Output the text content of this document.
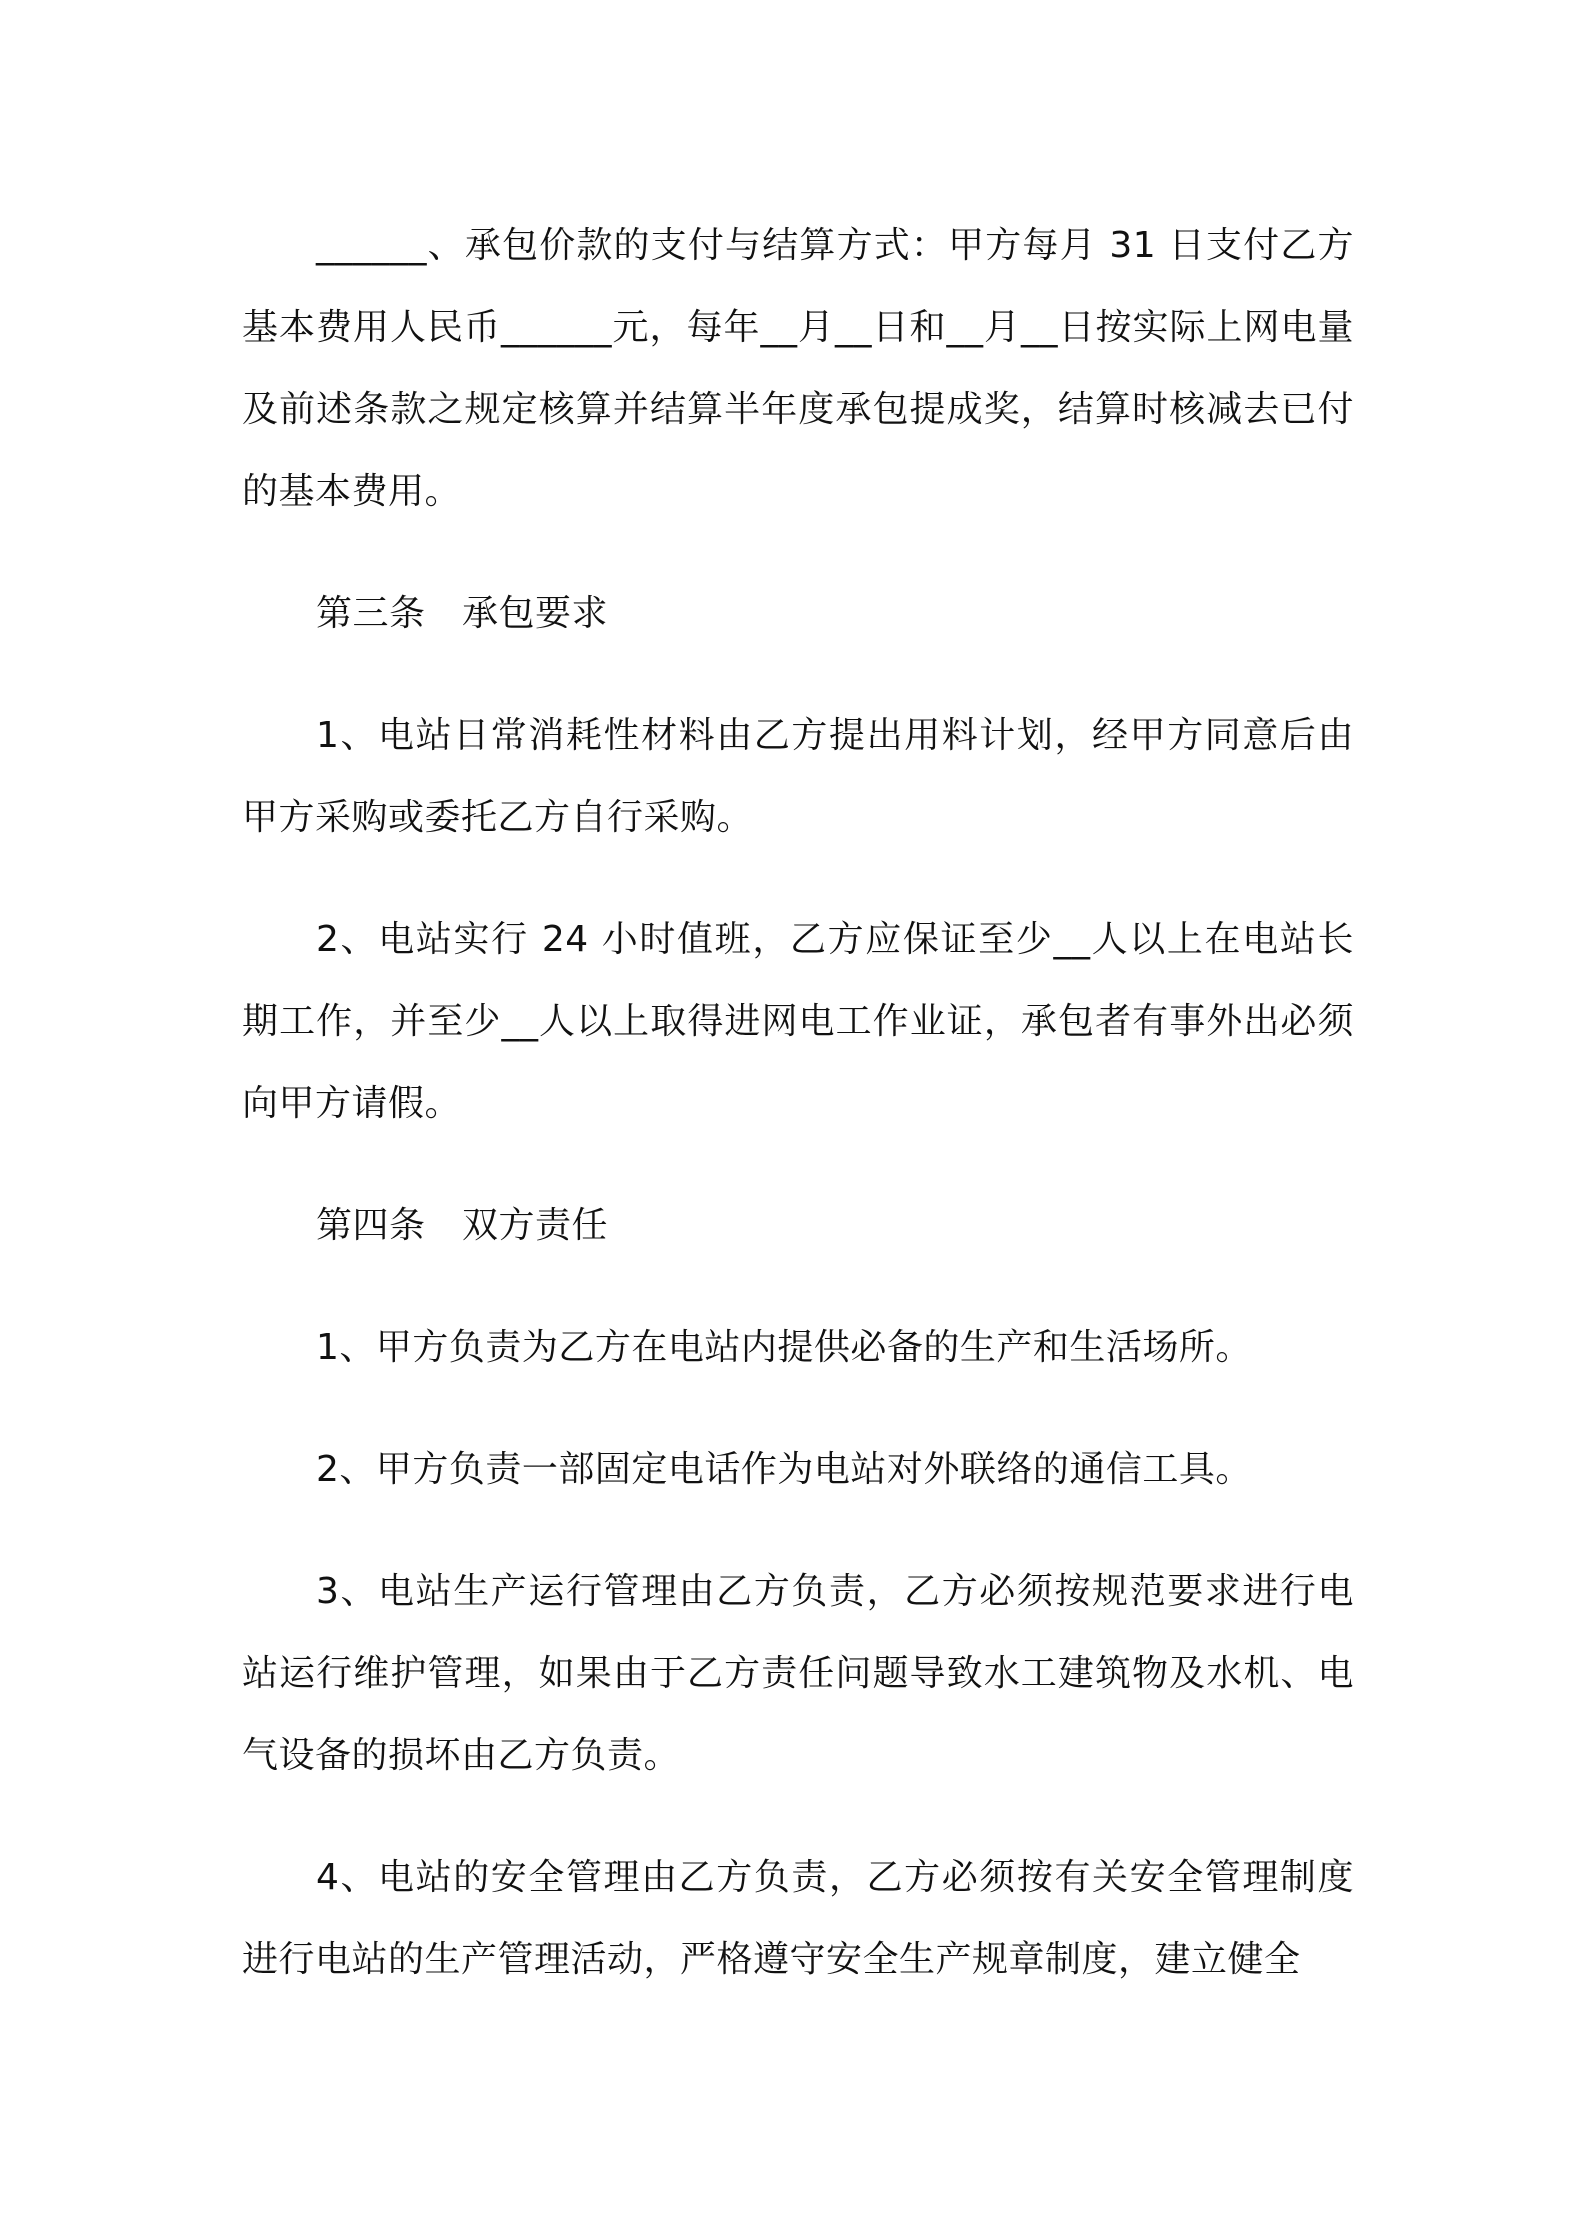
______、承包价款的支付与结算方式：甲方每月 31 日支付乙方基本费用人民币______元，每年__月__日和__月__日按实际上网电量及前述条款之规定核算并结算半年度承包提成奖，结算时核减去已付的基本费用。

第三条　承包要求

1、电站日常消耗性材料由乙方提出用料计划，经甲方同意后由甲方采购或委托乙方自行采购。

2、电站实行 24 小时值班，乙方应保证至少__人以上在电站长期工作，并至少__人以上取得进网电工作业证，承包者有事外出必须向甲方请假。

第四条　双方责任

1、甲方负责为乙方在电站内提供必备的生产和生活场所。

2、甲方负责一部固定电话作为电站对外联络的通信工具。

3、电站生产运行管理由乙方负责，乙方必须按规范要求进行电站运行维护管理，如果由于乙方责任问题导致水工建筑物及水机、电气设备的损坏由乙方负责。

4、电站的安全管理由乙方负责，乙方必须按有关安全管理制度进行电站的生产管理活动，严格遵守安全生产规章制度，建立健全
